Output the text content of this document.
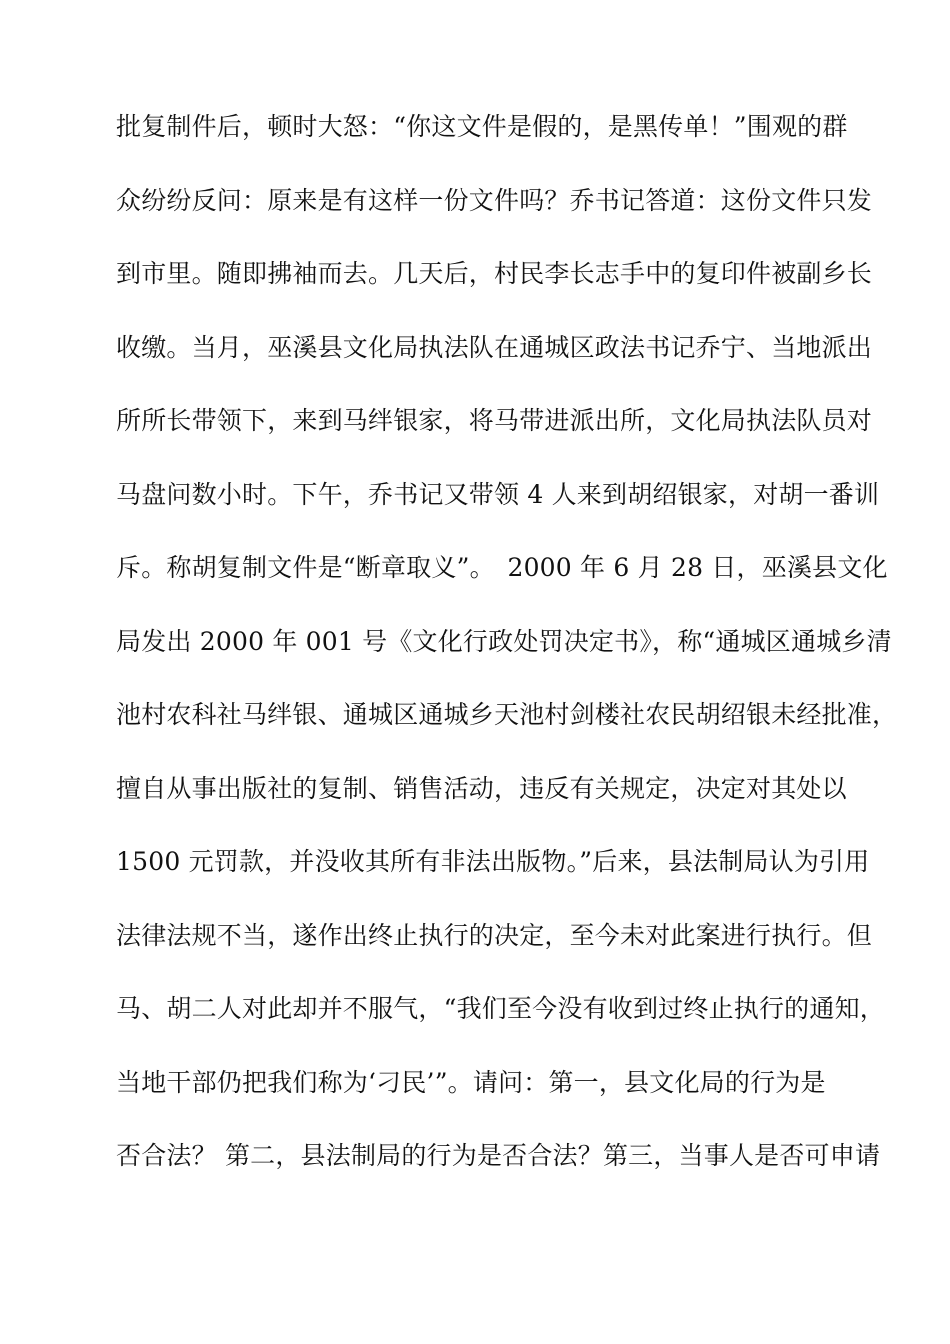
批复制件后，顿时大怒：“你这文件是假的，是黑传单！”围观的群
众纷纷反问：原来是有这样一份文件吗？乔书记答道：这份文件只发
到市里。随即拂袖而去。几天后，村民李长志手中的复印件被副乡长
收缴。当月，巫溪县文化局执法队在通城区政法书记乔宁、当地派出
所所长带领下，来到马绊银家，将马带进派出所，文化局执法队员对
马盘问数小时。下午，乔书记又带领 4 人来到胡绍银家，对胡一番训
斥。称胡复制文件是“断章取义”。　2000 年 6 月 28 日，巫溪县文化
局发出 2000 年 001 号《文化行政处罚决定书》，称“通城区通城乡清
池村农科社马绊银、通城区通城乡天池村剑楼社农民胡绍银未经批准，
擅自从事出版社的复制、销售活动，违反有关规定，决定对其处以
1500 元罚款，并没收其所有非法出版物。”后来，县法制局认为引用
法律法规不当，遂作出终止执行的决定，至今未对此案进行执行。但
马、胡二人对此却并不服气，“我们至今没有收到过终止执行的通知，
当地干部仍把我们称为‘刁民’”。请问：第一，县文化局的行为是
否合法？ 第二，县法制局的行为是否合法？第三，当事人是否可申请
